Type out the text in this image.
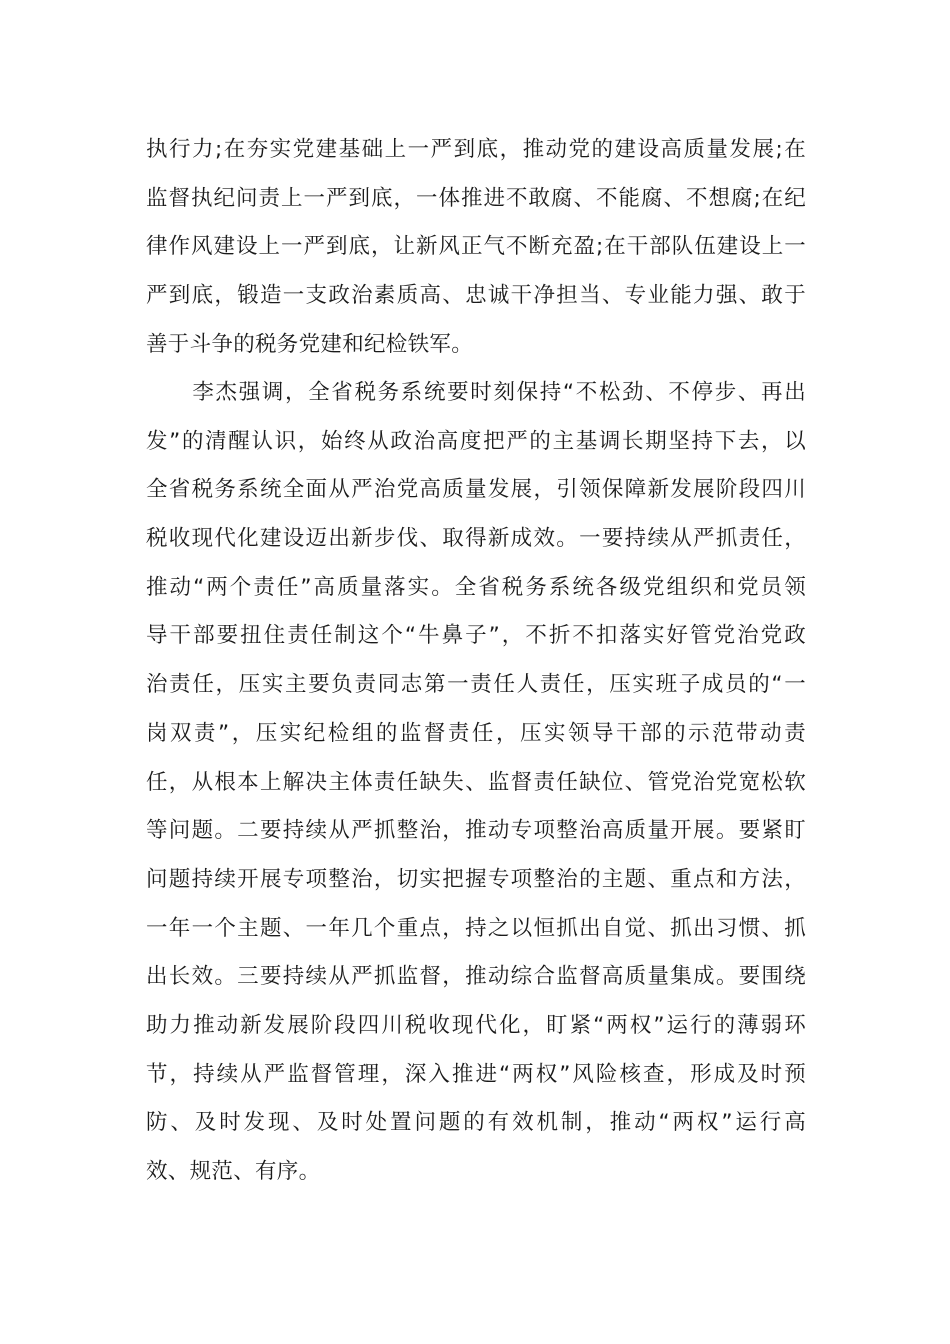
执行力;在夯实党建基础上一严到底，推动党的建设高质量发展;在
监督执纪问责上一严到底，一体推进不敢腐、不能腐、不想腐;在纪
律作风建设上一严到底，让新风正气不断充盈;在干部队伍建设上一
严到底，锻造一支政治素质高、忠诚干净担当、专业能力强、敢于
善于斗争的税务党建和纪检铁军。
　　李杰强调，全省税务系统要时刻保持“不松劲、不停步、再出
发”的清醒认识，始终从政治高度把严的主基调长期坚持下去，以
全省税务系统全面从严治党高质量发展，引领保障新发展阶段四川
税收现代化建设迈出新步伐、取得新成效。一要持续从严抓责任，
推动“两个责任”高质量落实。全省税务系统各级党组织和党员领
导干部要扭住责任制这个“牛鼻子”，不折不扣落实好管党治党政
治责任，压实主要负责同志第一责任人责任，压实班子成员的“一
岗双责”，压实纪检组的监督责任，压实领导干部的示范带动责
任，从根本上解决主体责任缺失、监督责任缺位、管党治党宽松软
等问题。二要持续从严抓整治，推动专项整治高质量开展。要紧盯
问题持续开展专项整治，切实把握专项整治的主题、重点和方法，
一年一个主题、一年几个重点，持之以恒抓出自觉、抓出习惯、抓
出长效。三要持续从严抓监督，推动综合监督高质量集成。要围绕
助力推动新发展阶段四川税收现代化，盯紧“两权”运行的薄弱环
节，持续从严监督管理，深入推进“两权”风险核查，形成及时预
防、及时发现、及时处置问题的有效机制，推动“两权”运行高
效、规范、有序。
